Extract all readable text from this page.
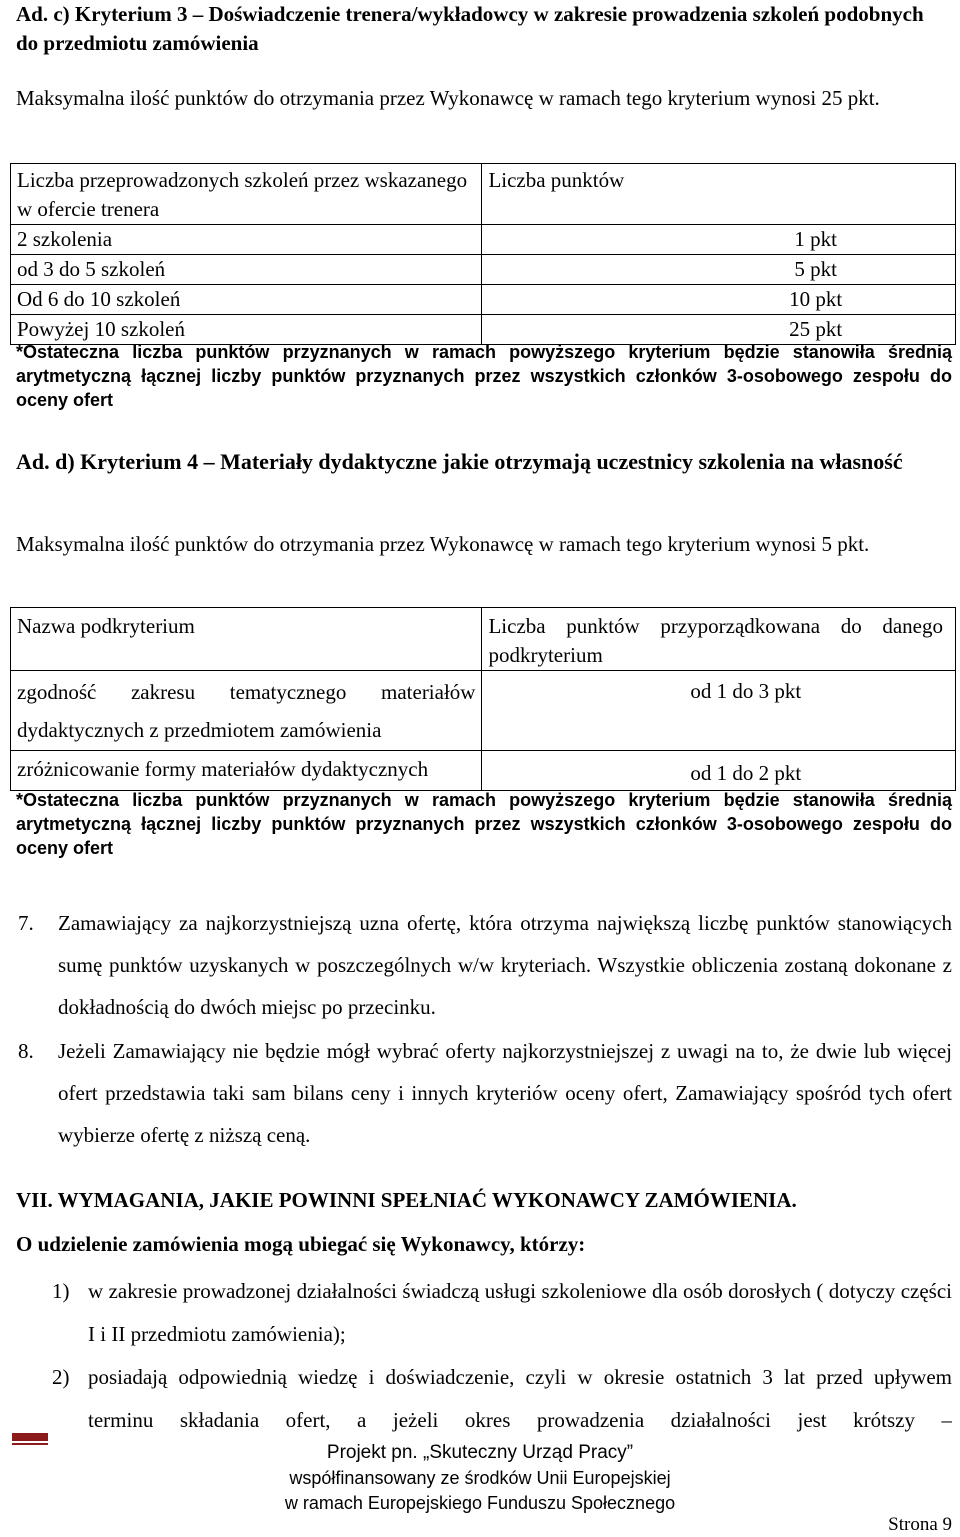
Ad. c) Kryterium 3 – Doświadczenie trenera/wykładowcy w zakresie prowadzenia szkoleń podobnych do przedmiotu zamówienia
Maksymalna ilość punktów do otrzymania przez Wykonawcę w ramach tego kryterium wynosi 25 pkt.
Liczba przeprowadzonych szkoleń przez wskazanego w ofercie trenera	Liczba punktów
2 szkolenia	1 pkt
od 3 do 5 szkoleń	5 pkt
Od 6 do 10 szkoleń	10 pkt
Powyżej 10 szkoleń	25 pkt
*Ostateczna liczba punktów przyznanych w ramach powyższego kryterium będzie stanowiła średnią arytmetyczną łącznej liczby punktów przyznanych przez wszystkich członków 3-osobowego zespołu do oceny ofert
Ad. d) Kryterium 4 – Materiały dydaktyczne jakie otrzymają uczestnicy szkolenia na własność
Maksymalna ilość punktów do otrzymania przez Wykonawcę w ramach tego kryterium wynosi 5 pkt.
Nazwa podkryterium	Liczba punktów przyporządkowana do danego podkryterium
zgodność zakresu tematycznego materiałów dydaktycznych z przedmiotem zamówienia	od 1 do 3 pkt
zróżnicowanie formy materiałów dydaktycznych	od 1 do 2 pkt
*Ostateczna liczba punktów przyznanych w ramach powyższego kryterium będzie stanowiła średnią arytmetyczną łącznej liczby punktów przyznanych przez wszystkich członków 3-osobowego zespołu do oceny ofert
7. Zamawiający za najkorzystniejszą uzna ofertę, która otrzyma największą liczbę punktów stanowiących sumę punktów uzyskanych w poszczególnych w/w kryteriach. Wszystkie obliczenia zostaną dokonane z dokładnością do dwóch miejsc po przecinku.
8. Jeżeli Zamawiający nie będzie mógł wybrać oferty najkorzystniejszej z uwagi na to, że dwie lub więcej ofert przedstawia taki sam bilans ceny i innych kryteriów oceny ofert, Zamawiający spośród tych ofert wybierze ofertę z niższą ceną.
VII. WYMAGANIA, JAKIE POWINNI SPEŁNIAĆ WYKONAWCY ZAMÓWIENIA.
O udzielenie zamówienia mogą ubiegać się Wykonawcy, którzy:
1) w zakresie prowadzonej działalności świadczą usługi szkoleniowe dla osób dorosłych ( dotyczy części I i II przedmiotu zamówienia);
2) posiadają odpowiednią wiedzę i doświadczenie, czyli w okresie ostatnich 3 lat przed upływem terminu składania ofert, a jeżeli okres prowadzenia działalności jest krótszy –
Projekt pn. „Skuteczny Urząd Pracy”
współfinansowany ze środków Unii Europejskiej
w ramach Europejskiego Funduszu Społecznego
Strona 9
